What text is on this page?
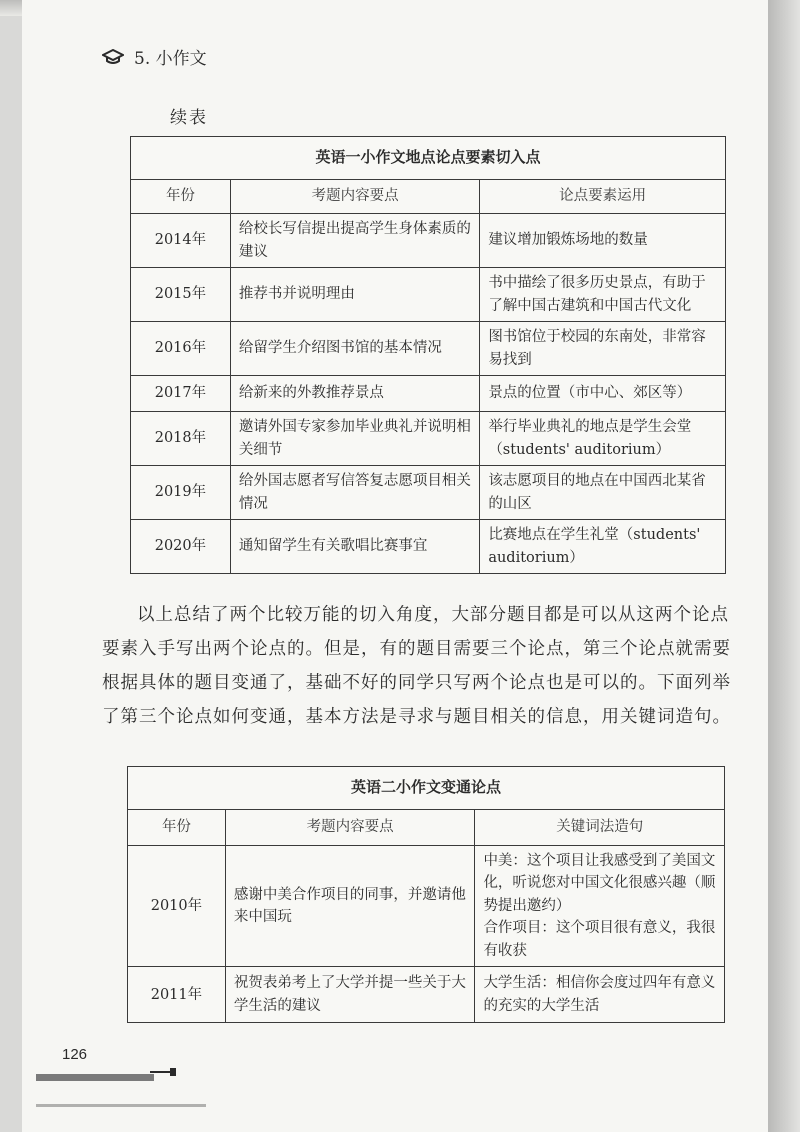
5. 小作文
续表
英语一小作文地点论点要素切入点		
年份	考题内容要点	论点要素运用
2014年	给校长写信提出提高学生身体素质的建议	建议增加锻炼场地的数量
2015年	推荐书并说明理由	书中描绘了很多历史景点，有助于了解中国古建筑和中国古代文化
2016年	给留学生介绍图书馆的基本情况	图书馆位于校园的东南处，非常容易找到
2017年	给新来的外教推荐景点	景点的位置（市中心、郊区等）
2018年	邀请外国专家参加毕业典礼并说明相关细节	举行毕业典礼的地点是学生会堂（students' auditorium）
2019年	给外国志愿者写信答复志愿项目相关情况	该志愿项目的地点在中国西北某省的山区
2020年	通知留学生有关歌唱比赛事宜	比赛地点在学生礼堂（students' auditorium）
以上总结了两个比较万能的切入角度，大部分题目都是可以从这两个论点要素入手写出两个论点的。但是，有的题目需要三个论点，第三个论点就需要根据具体的题目变通了，基础不好的同学只写两个论点也是可以的。下面列举了第三个论点如何变通，基本方法是寻求与题目相关的信息，用关键词造句。
英语二小作文变通论点		
年份	考题内容要点	关键词法造句
2010年	感谢中美合作项目的同事，并邀请他来中国玩	中美：这个项目让我感受到了美国文化，听说您对中国文化很感兴趣（顺势提出邀约）
合作项目：这个项目很有意义，我很有收获
2011年	祝贺表弟考上了大学并提一些关于大学生活的建议	大学生活：相信你会度过四年有意义的充实的大学生活
126
